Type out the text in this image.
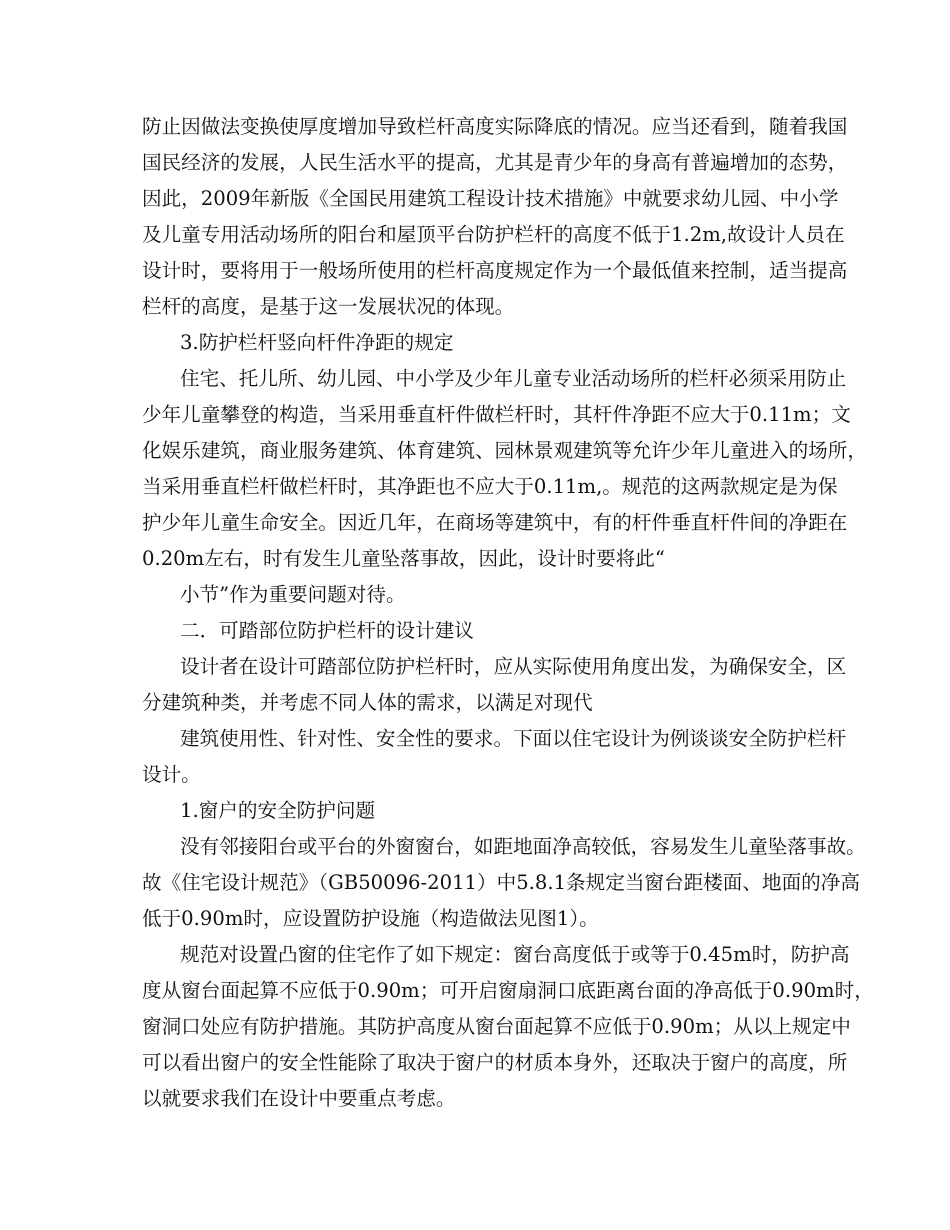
防止因做法变换使厚度增加导致栏杆高度实际降底的情况。应当还看到，随着我国
国民经济的发展，人民生活水平的提高，尤其是青少年的身高有普遍增加的态势，
因此，2009年新版《全国民用建筑工程设计技术措施》中就要求幼儿园、中小学
及儿童专用活动场所的阳台和屋顶平台防护栏杆的高度不低于1.2m,故设计人员在
设计时，要将用于一般场所使用的栏杆高度规定作为一个最低值来控制，适当提高
栏杆的高度，是基于这一发展状况的体现。
3.防护栏杆竖向杆件净距的规定
住宅、托儿所、幼儿园、中小学及少年儿童专业活动场所的栏杆必须采用防止
少年儿童攀登的构造，当采用垂直杆件做栏杆时，其杆件净距不应大于0.11m；文
化娱乐建筑，商业服务建筑、体育建筑、园林景观建筑等允许少年儿童进入的场所，
当采用垂直栏杆做栏杆时，其净距也不应大于0.11m,。规范的这两款规定是为保
护少年儿童生命安全。因近几年，在商场等建筑中，有的杆件垂直杆件间的净距在
0.20m左右，时有发生儿童坠落事故，因此，设计时要将此“
小节”作为重要问题对待。
二．可踏部位防护栏杆的设计建议
设计者在设计可踏部位防护栏杆时，应从实际使用角度出发，为确保安全，区
分建筑种类，并考虑不同人体的需求，以满足对现代
建筑使用性、针对性、安全性的要求。下面以住宅设计为例谈谈安全防护栏杆
设计。
1.窗户的安全防护问题
没有邻接阳台或平台的外窗窗台，如距地面净高较低，容易发生儿童坠落事故。
故《住宅设计规范》（GB50096-2011）中5.8.1条规定当窗台距楼面、地面的净高
低于0.90m时，应设置防护设施（构造做法见图1）。
规范对设置凸窗的住宅作了如下规定：窗台高度低于或等于0.45m时，防护高
度从窗台面起算不应低于0.90m；可开启窗扇洞口底距离台面的净高低于0.90m时，
窗洞口处应有防护措施。其防护高度从窗台面起算不应低于0.90m；从以上规定中
可以看出窗户的安全性能除了取决于窗户的材质本身外，还取决于窗户的高度，所
以就要求我们在设计中要重点考虑。
